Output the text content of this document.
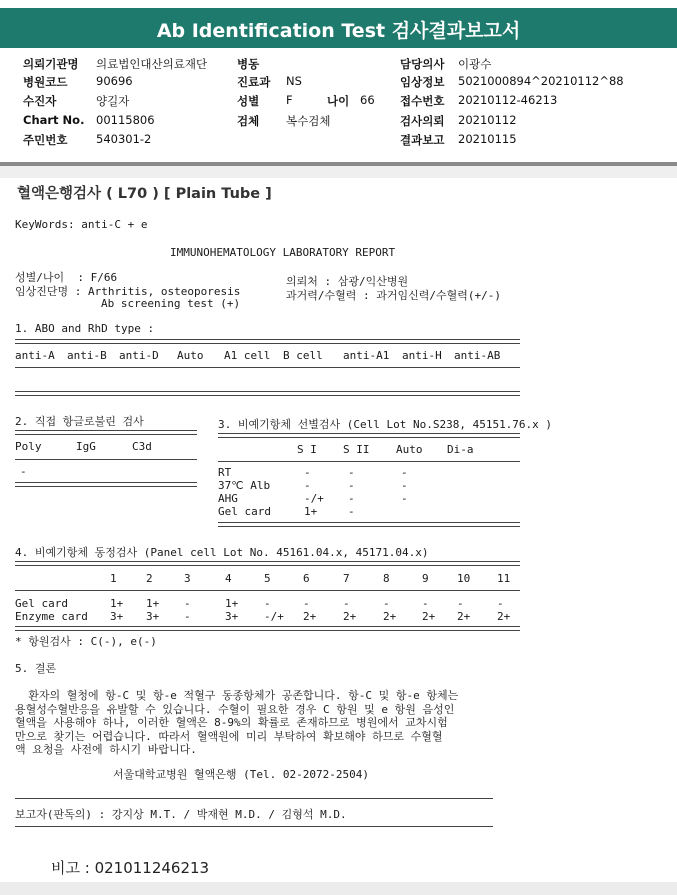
Ab Identification Test 검사결과보고서
의뢰기관명 의료법인대산의료재단
병원코드 90696
수진자	양길자
Chart No. 00115806
주민번호 540301-2
병동
진료과 NS
성별 F
검체 복수검체
나이 66
담당의사 이광수
임상정보 5021000894^20210112^88
접수번호 20210112-46213
검사의뢰 20210112
결과보고 20210115
혈액은행검사 ( L70 ) [ Plain Tube ]
KeyWords: anti-C + e
IMMUNOHEMATOLOGY LABORATORY REPORT
성별/나이  : F/66
임상진단명 : Arthritis, osteoporesis
Ab screening test (+)
의뢰처 : 삼광/익산병원
과거력/수혈력 : 과거임신력/수혈력(+/-)
1. ABO and RhD type :
anti-A anti-B anti-D Auto A1 cell B cell anti-A1 anti-H anti-AB
2. 직접 항글로불린 검사
Poly	IgG	C3d
-
3. 비예기항체 선별검사 (Cell Lot No.S238, 45151.76.x )
S I S II Auto Di-a
RT	-	-	-
37℃ Alb	-	-	-
AHG	-/+ -	-
Gel card	1+	-
4. 비예기항체 동정검사 (Panel cell Lot No. 45161.04.x, 45171.04.x)
1	2	3	4	5	6	7	8	9	10 11
Gel card	1+ 1+ -	1+ -	-	-	-	-	-	-
Enzyme card 3+ 3+ -	3+ -/+ 2+ 2+ 2+ 2+ 2+ 2+
* 항원검사 : C(-), e(-)
5. 결론
환자의 혈청에 항-C 및 항-e 적혈구 동종항체가 공존합니다. 항-C 및 항-e 항체는
용혈성수혈반응을 유발할 수 있습니다. 수혈이 필요한 경우 C 항원 및 e 항원 음성인
혈액을 사용해야 하나, 이러한 혈액은 8-9%의 확률로 존재하므로 병원에서 교차시험
만으로 찾기는 어렵습니다. 따라서 혈액원에 미리 부탁하여 확보해야 하므로 수혈혈
액 요청을 사전에 하시기 바랍니다.
서울대학교병원 혈액은행 (Tel. 02-2072-2504)
보고자(판독의) : 강지상 M.T. / 박재현 M.D. / 김형석 M.D.
비고 : 021011246213
